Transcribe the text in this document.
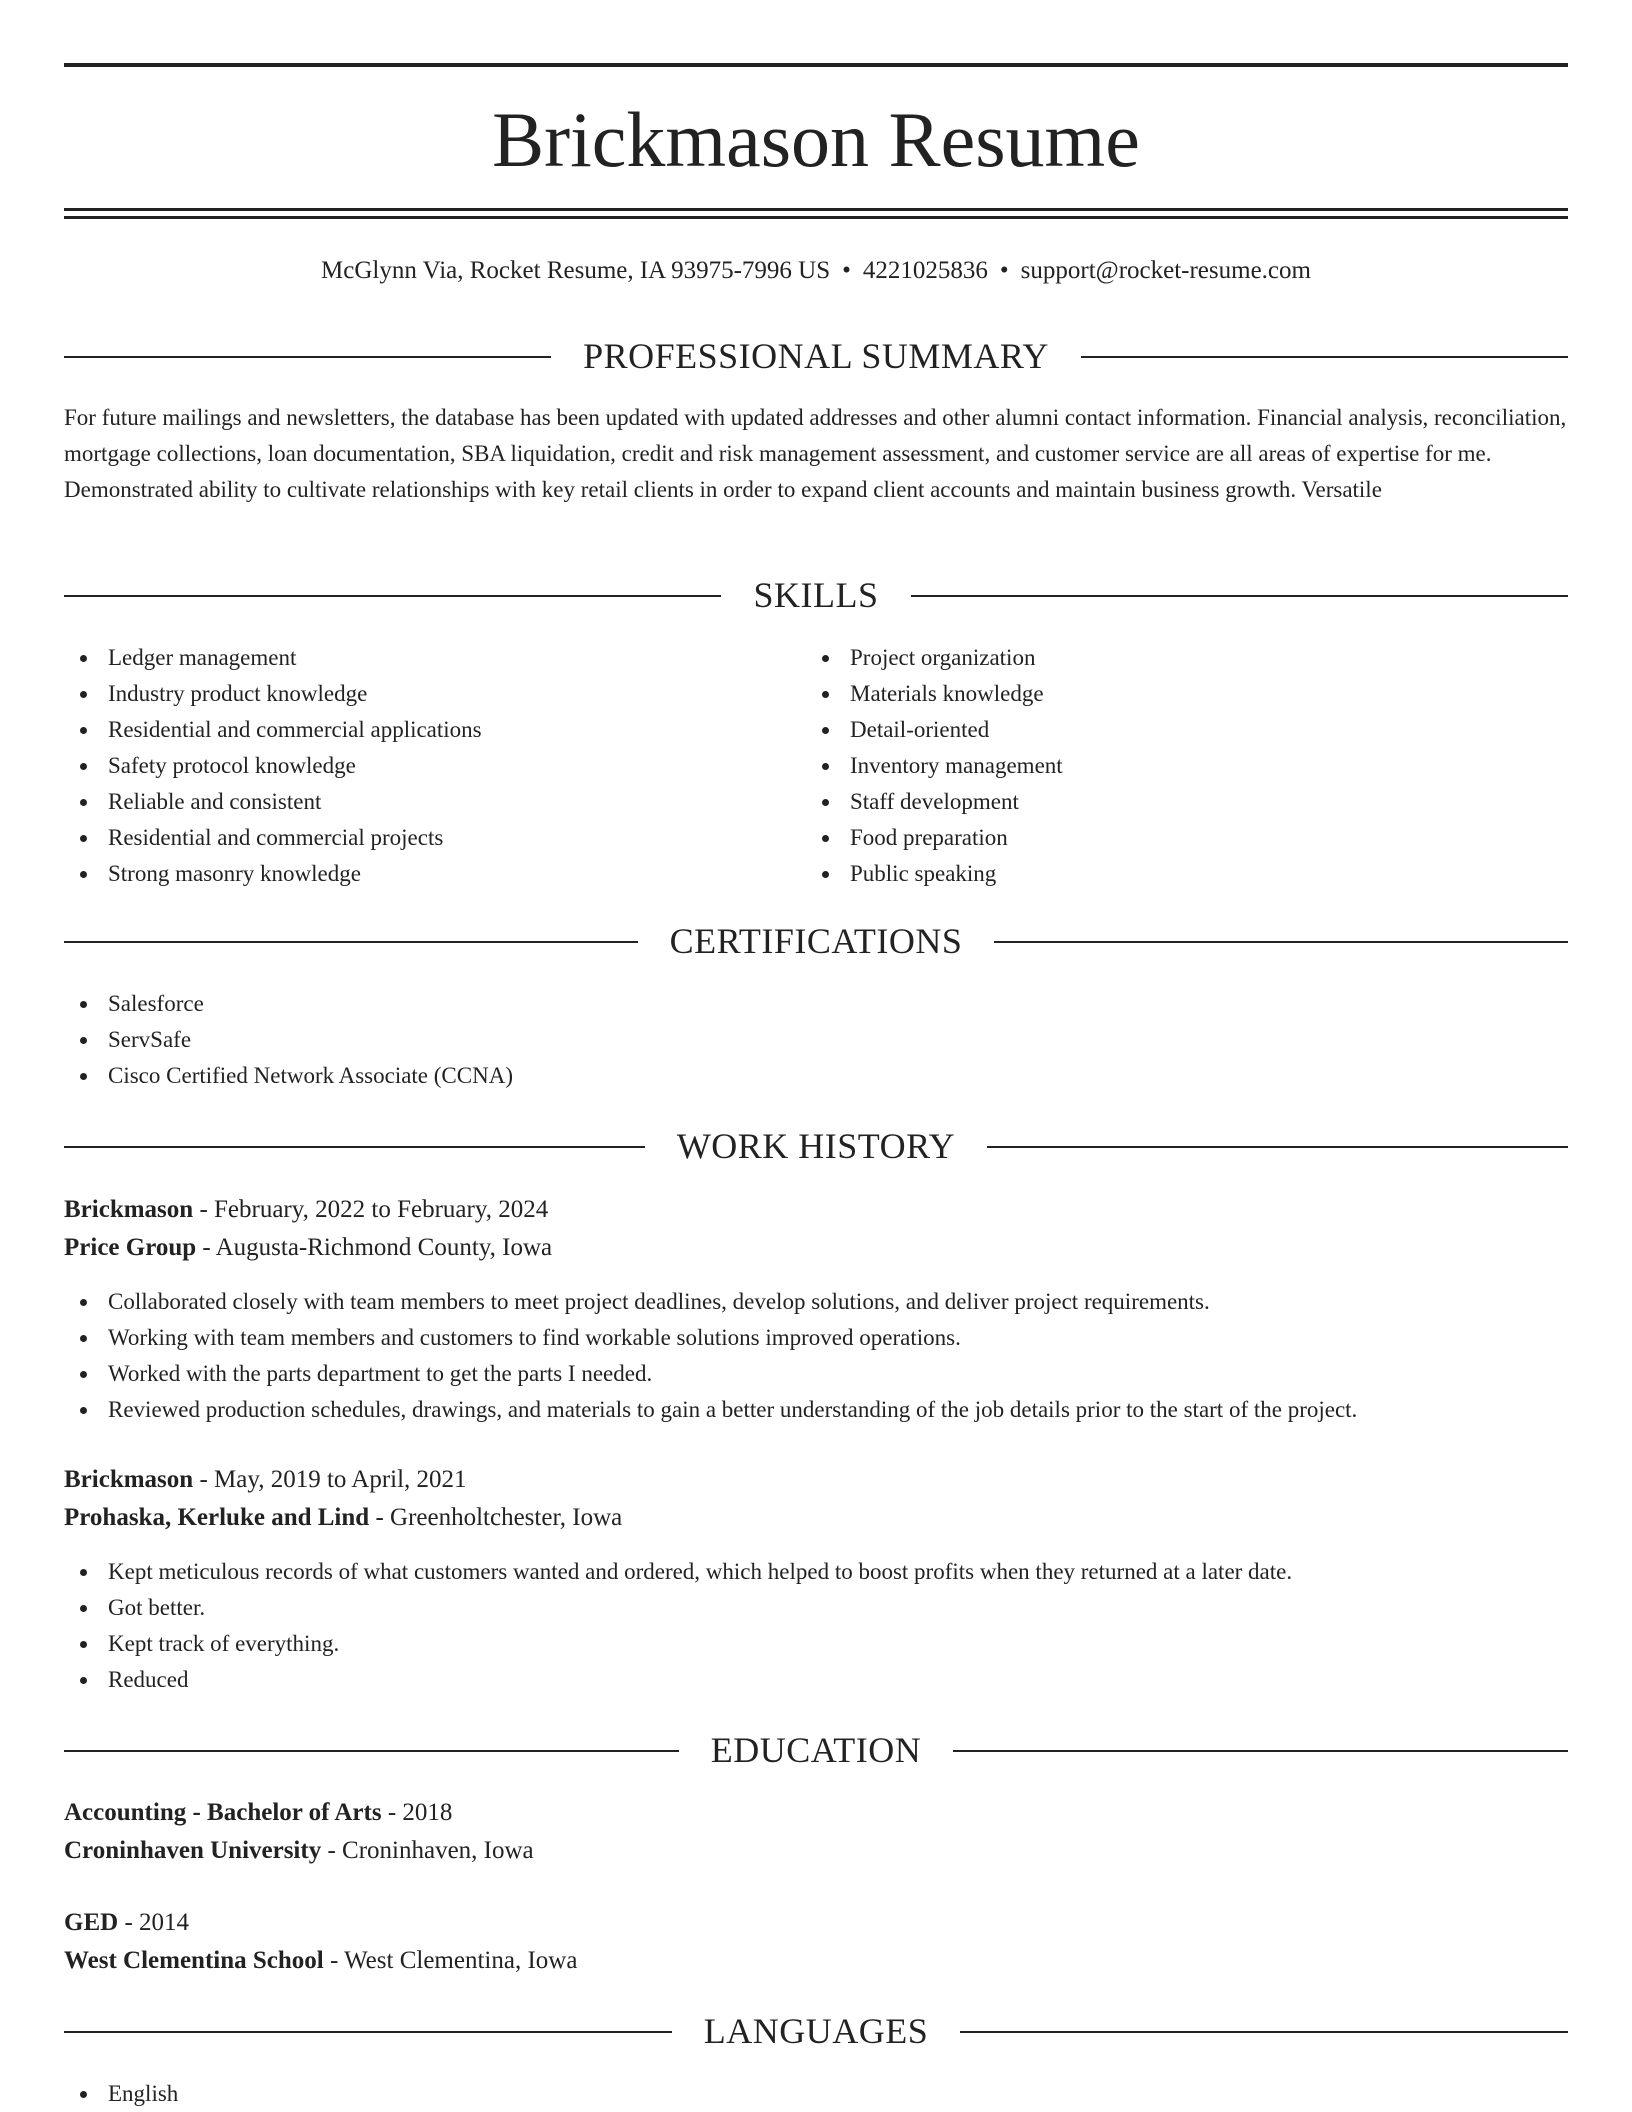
Brickmason Resume
McGlynn Via, Rocket Resume, IA 93975-7996 US • 4221025836 • support@rocket-resume.com
PROFESSIONAL SUMMARY

For future mailings and newsletters, the database has been updated with updated addresses and other alumni contact information. Financial analysis, reconciliation, mortgage collections, loan documentation, SBA liquidation, credit and risk management assessment, and customer service are all areas of expertise for me. Demonstrated ability to cultivate relationships with key retail clients in order to expand client accounts and maintain business growth. Versatile

SKILLS
Ledger management
Industry product knowledge
Residential and commercial applications
Safety protocol knowledge
Reliable and consistent
Residential and commercial projects
Strong masonry knowledge
Project organization
Materials knowledge
Detail-oriented
Inventory management
Staff development
Food preparation
Public speaking
CERTIFICATIONS
Salesforce
ServSafe
Cisco Certified Network Associate (CCNA)
WORK HISTORY
Brickmason - February, 2022 to February, 2024
Price Group - Augusta-Richmond County, Iowa
Collaborated closely with team members to meet project deadlines, develop solutions, and deliver project requirements.
Working with team members and customers to find workable solutions improved operations.
Worked with the parts department to get the parts I needed.
Reviewed production schedules, drawings, and materials to gain a better understanding of the job details prior to the start of the project.
Brickmason - May, 2019 to April, 2021
Prohaska, Kerluke and Lind - Greenholtchester, Iowa
Kept meticulous records of what customers wanted and ordered, which helped to boost profits when they returned at a later date.
Got better.
Kept track of everything.
Reduced
EDUCATION
Accounting - Bachelor of Arts - 2018
Croninhaven University - Croninhaven, Iowa
GED - 2014
West Clementina School - West Clementina, Iowa
LANGUAGES
English
